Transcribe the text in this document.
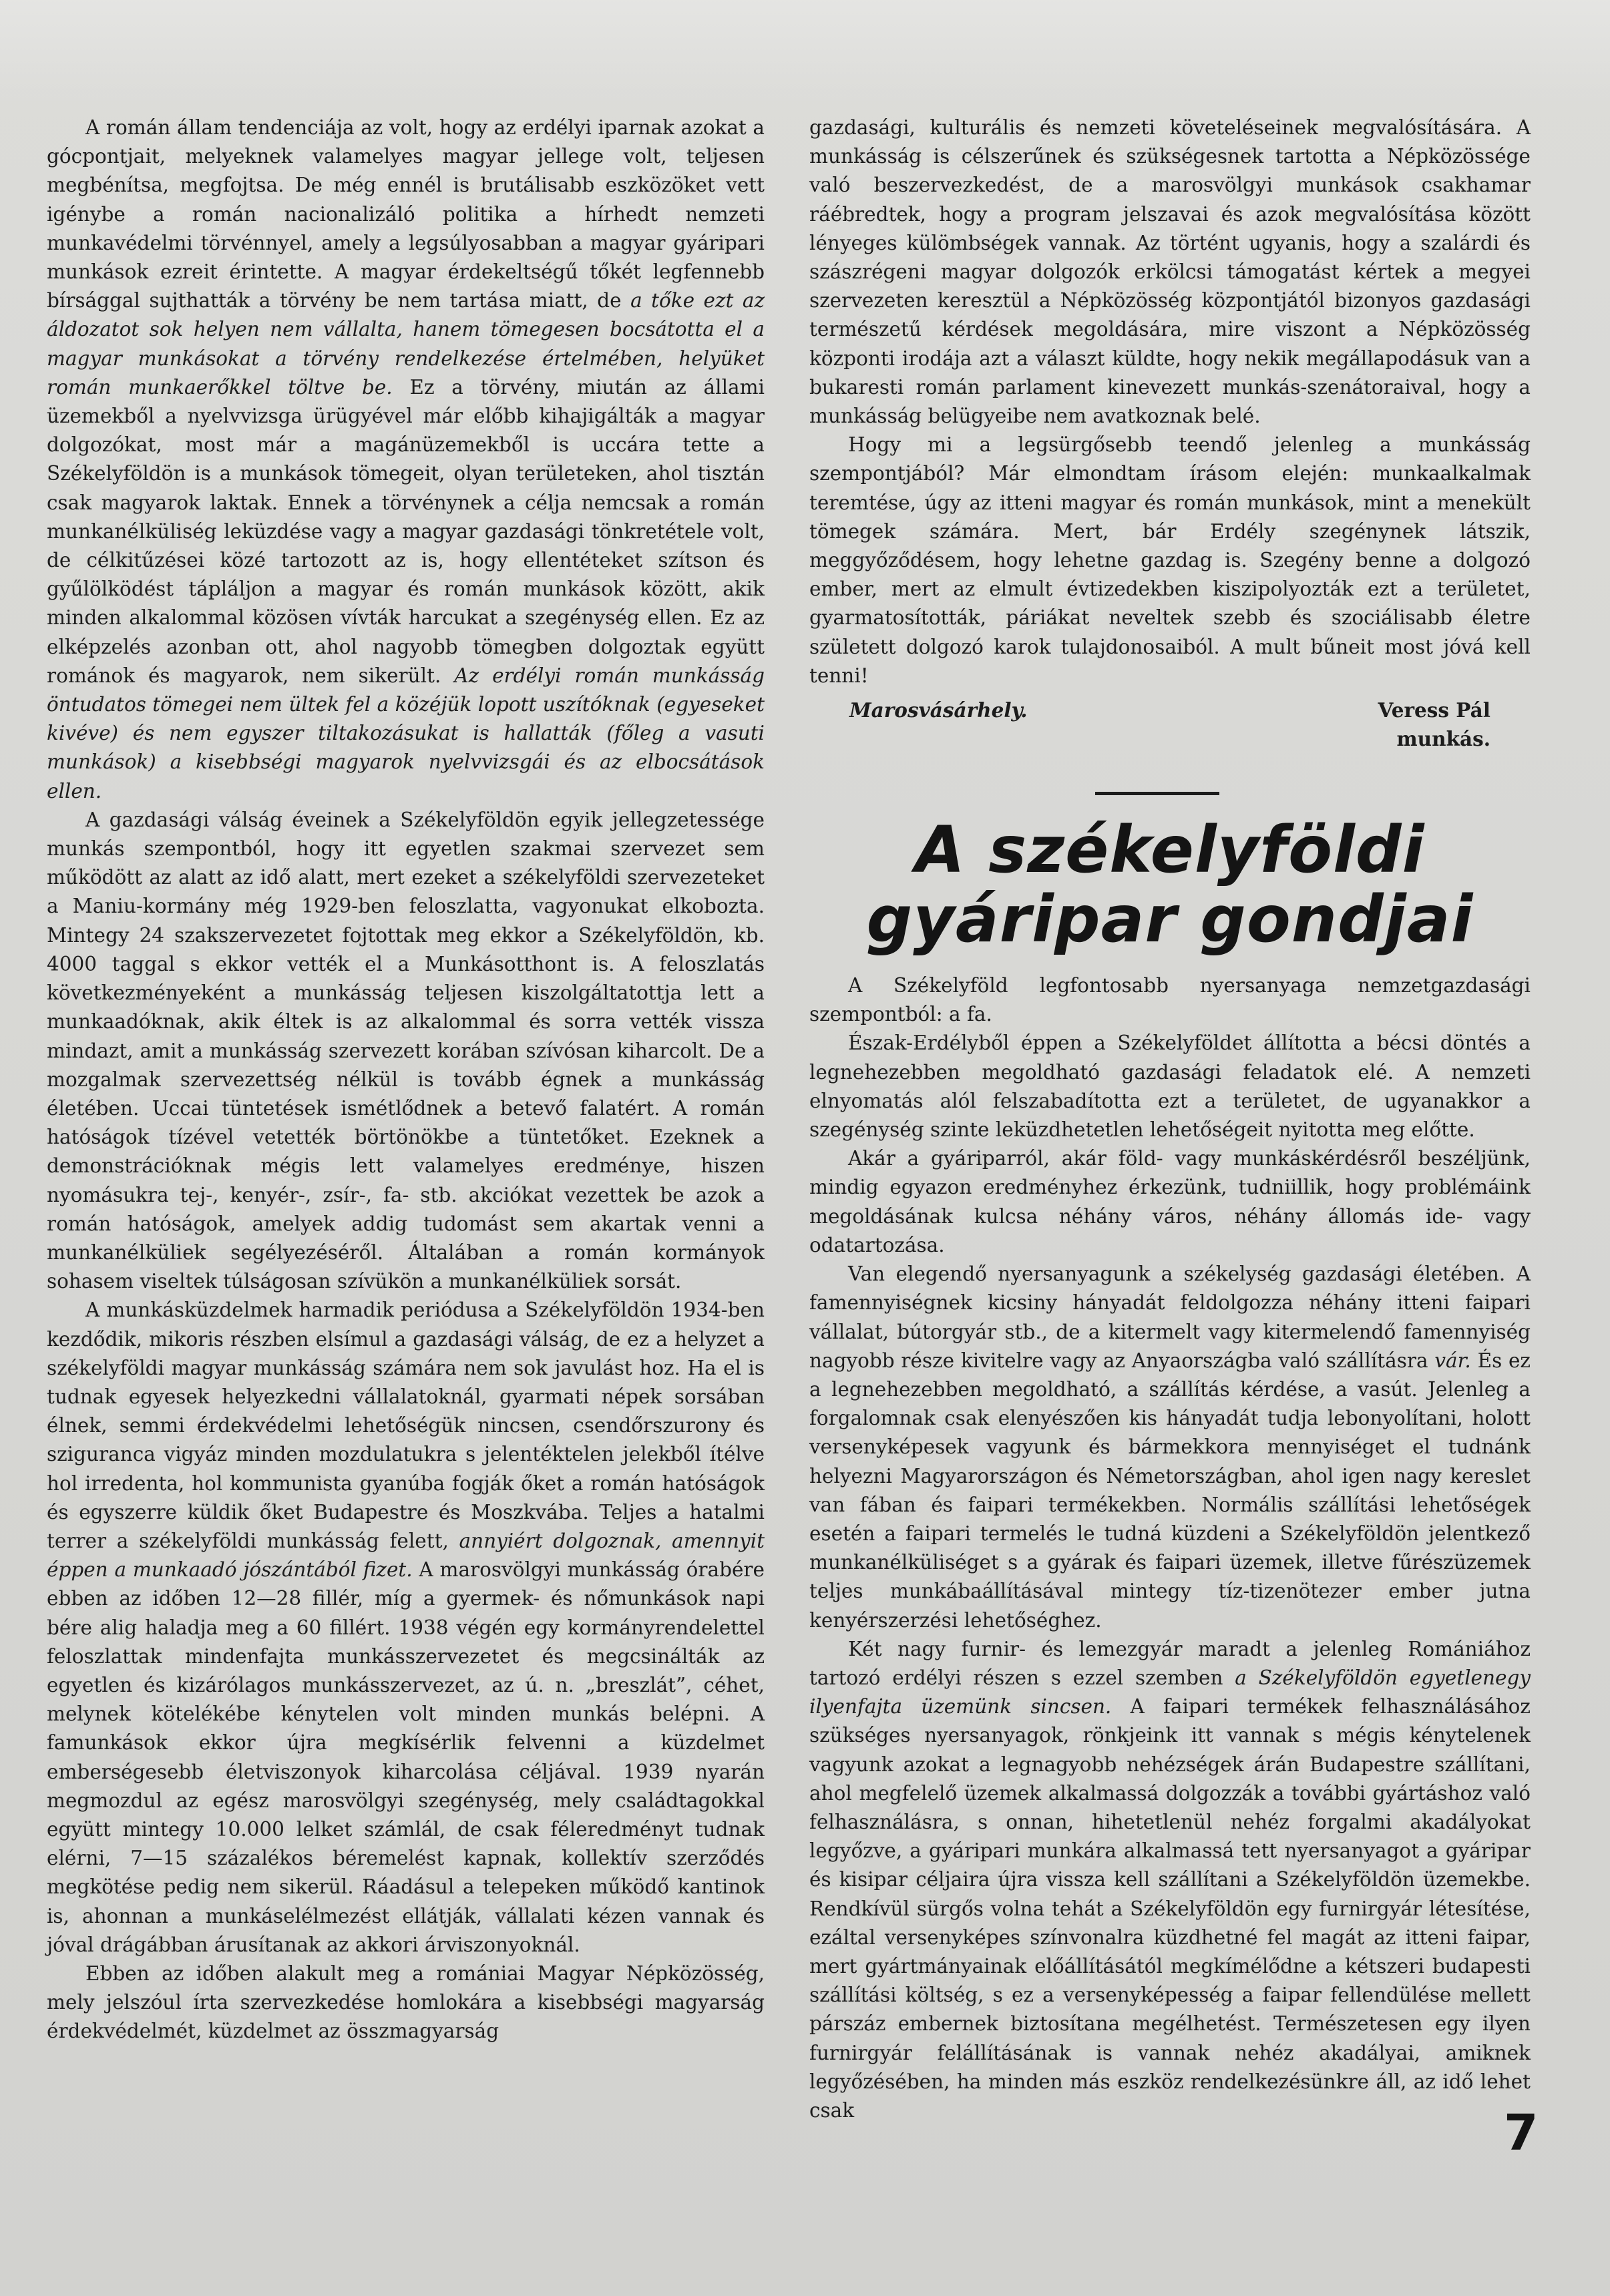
A román állam tendenciája az volt, hogy az erdélyi iparnak azokat a gócpontjait, melyeknek valamelyes magyar jellege volt, teljesen megbénítsa, megfojtsa. De még ennél is brutálisabb eszközöket vett igénybe a román nacionalizáló politika a hírhedt nemzeti munkavédelmi törvénnyel, amely a legsúlyosabban a magyar gyáripari munkások ezreit érintette. A magyar érdekeltségű tőkét legfennebb bírsággal sujthatták a törvény be nem tartása miatt, de a tőke ezt az áldozatot sok helyen nem vállalta, hanem tömegesen bocsátotta el a magyar munkásokat a törvény rendelkezése értelmében, helyüket román munkaerőkkel töltve be. Ez a törvény, miután az állami üzemekből a nyelvvizsga ürügyével már előbb kihajigálták a magyar dolgozókat, most már a magánüzemekből is uccára tette a Székelyföldön is a munkások tömegeit, olyan területeken, ahol tisztán csak magyarok laktak. Ennek a törvénynek a célja nemcsak a román munkanélküliség leküzdése vagy a magyar gazdasági tönkretétele volt, de célkitűzései közé tartozott az is, hogy ellentéteket szítson és gyűlölködést tápláljon a magyar és román munkások között, akik minden alkalommal közösen vívták harcukat a szegénység ellen. Ez az elképzelés azonban ott, ahol nagyobb tömegben dolgoztak együtt románok és magyarok, nem sikerült. Az erdélyi román munkásság öntudatos tömegei nem ültek fel a közéjük lopott uszítóknak (egyeseket kivéve) és nem egyszer tiltakozásukat is hallatták (főleg a vasuti munkások) a kisebbségi magyarok nyelvvizsgái és az elbocsátások ellen.

A gazdasági válság éveinek a Székelyföldön egyik jellegzetessége munkás szempontból, hogy itt egyetlen szakmai szervezet sem működött az alatt az idő alatt, mert ezeket a székelyföldi szervezeteket a Maniu-kormány még 1929-ben feloszlatta, vagyonukat elkobozta. Mintegy 24 szakszervezetet fojtottak meg ekkor a Székelyföldön, kb. 4000 taggal s ekkor vették el a Munkásotthont is. A feloszlatás következményeként a munkásság teljesen kiszolgáltatottja lett a munkaadóknak, akik éltek is az alkalommal és sorra vették vissza mindazt, amit a munkásság szervezett korában szívósan kiharcolt. De a mozgalmak szervezettség nélkül is tovább égnek a munkásság életében. Uccai tüntetések ismétlődnek a betevő falatért. A román hatóságok tízével vetették börtönökbe a tüntetőket. Ezeknek a demonstrációknak mégis lett valamelyes eredménye, hiszen nyomásukra tej-, kenyér-, zsír-, fa- stb. akciókat vezettek be azok a román hatóságok, amelyek addig tudomást sem akartak venni a munkanélküliek segélyezéséről. Általában a román kormányok sohasem viseltek túlságosan szívükön a munkanélküliek sorsát.

A munkásküzdelmek harmadik periódusa a Székelyföldön 1934-ben kezdődik, mikoris részben elsímul a gazdasági válság, de ez a helyzet a székelyföldi magyar munkásság számára nem sok javulást hoz. Ha el is tudnak egyesek helyezkedni vállalatoknál, gyarmati népek sorsában élnek, semmi érdekvédelmi lehetőségük nincsen, csendőrszurony és sziguranca vigyáz minden mozdulatukra s jelentéktelen jelekből ítélve hol irredenta, hol kommunista gyanúba fogják őket a román hatóságok és egyszerre küldik őket Budapestre és Moszkvába. Teljes a hatalmi terrer a székelyföldi munkásság felett, annyiért dolgoznak, amennyit éppen a munkaadó jószántából fizet. A marosvölgyi munkásság órabére ebben az időben 12—28 fillér, míg a gyermek- és nőmunkások napi bére alig haladja meg a 60 fillért. 1938 végén egy kormányrendelettel feloszlattak mindenfajta munkásszervezetet és megcsinálták az egyetlen és kizárólagos munkásszervezet, az ú. n. „breszlát”, céhet, melynek kötelékébe kénytelen volt minden munkás belépni. A famunkások ekkor újra megkísérlik felvenni a küzdelmet emberségesebb életviszonyok kiharcolása céljával. 1939 nyarán megmozdul az egész marosvölgyi szegénység, mely családtagokkal együtt mintegy 10.000 lelket számlál, de csak féleredményt tudnak elérni, 7—15 százalékos béremelést kapnak, kollektív szerződés megkötése pedig nem sikerül. Ráadásul a telepeken működő kantinok is, ahonnan a munkáselélmezést ellátják, vállalati kézen vannak és jóval drágábban árusítanak az akkori árviszonyoknál.

Ebben az időben alakult meg a romániai Magyar Népközösség, mely jelszóul írta szervezkedése homlokára a kisebbségi magyarság érdekvédelmét, küzdelmet az összmagyarság

gazdasági, kulturális és nemzeti követeléseinek megvalósítására. A munkásság is célszerűnek és szükségesnek tartotta a Népközössége való beszervezkedést, de a marosvölgyi munkások csakhamar ráébredtek, hogy a program jelszavai és azok megvalósítása között lényeges külömbségek vannak. Az történt ugyanis, hogy a szalárdi és szászrégeni magyar dolgozók erkölcsi támogatást kértek a megyei szervezeten keresztül a Népközösség központjától bizonyos gazdasági természetű kérdések megoldására, mire viszont a Népközösség központi irodája azt a választ küldte, hogy nekik megállapodásuk van a bukaresti román parlament kinevezett munkás-szenátoraival, hogy a munkásság belügyeibe nem avatkoznak belé.

Hogy mi a legsürgősebb teendő jelenleg a munkásság szempontjából? Már elmondtam írásom elején: munkaalkalmak teremtése, úgy az itteni magyar és román munkások, mint a menekült tömegek számára. Mert, bár Erdély szegénynek látszik, meggyőződésem, hogy lehetne gazdag is. Szegény benne a dolgozó ember, mert az elmult évtizedekben kiszipolyozták ezt a területet, gyarmatosították, páriákat neveltek szebb és szociálisabb életre született dolgozó karok tulajdonosaiból. A mult bűneit most jóvá kell tenni!

Marosvásárhely.	Veress Pál
munkás.
A székelyföldi
gyáripar gondjai

A Székelyföld legfontosabb nyersanyaga nemzetgazdasági szempontból: a fa.

Észak-Erdélyből éppen a Székelyföldet állította a bécsi döntés a legnehezebben megoldható gazdasági feladatok elé. A nemzeti elnyomatás alól felszabadította ezt a területet, de ugyanakkor a szegénység szinte leküzdhetetlen lehetőségeit nyitotta meg előtte.

Akár a gyáriparról, akár föld- vagy munkáskérdésről beszéljünk, mindig egyazon eredményhez érkezünk, tudniillik, hogy problémáink megoldásának kulcsa néhány város, néhány állomás ide- vagy odatartozása.

Van elegendő nyersanyagunk a székelység gazdasági életében. A famennyiségnek kicsiny hányadát feldolgozza néhány itteni faipari vállalat, bútorgyár stb., de a kitermelt vagy kitermelendő famennyiség nagyobb része kivitelre vagy az Anyaországba való szállításra vár. És ez a legnehezebben megoldható, a szállítás kérdése, a vasút. Jelenleg a forgalomnak csak elenyészően kis hányadát tudja lebonyolítani, holott versenyképesek vagyunk és bármekkora mennyiséget el tudnánk helyezni Magyarországon és Németországban, ahol igen nagy kereslet van fában és faipari termékekben. Normális szállítási lehetőségek esetén a faipari termelés le tudná küzdeni a Székelyföldön jelentkező munkanélküliséget s a gyárak és faipari üzemek, illetve fűrészüzemek teljes munkábaállításával mintegy tíz-tizenötezer ember jutna kenyérszerzési lehetőséghez.

Két nagy furnir- és lemezgyár maradt a jelenleg Romániához tartozó erdélyi részen s ezzel szemben a Székelyföldön egyetlenegy ilyenfajta üzemünk sincsen. A faipari termékek felhasználásához szükséges nyersanyagok, rönkjeink itt vannak s mégis kénytelenek vagyunk azokat a legnagyobb nehézségek árán Budapestre szállítani, ahol megfelelő üzemek alkalmassá dolgozzák a további gyártáshoz való felhasználásra, s onnan, hihetetlenül nehéz forgalmi akadályokat legyőzve, a gyáripari munkára alkalmassá tett nyersanyagot a gyáripar és kisipar céljaira újra vissza kell szállítani a Székelyföldön üzemekbe. Rendkívül sürgős volna tehát a Székelyföldön egy furnirgyár létesítése, ezáltal versenyképes színvonalra küzdhetné fel magát az itteni faipar, mert gyártmányainak előállításától megkímélődne a kétszeri budapesti szállítási költség, s ez a versenyképesség a faipar fellendülése mellett párszáz embernek biztosítana megélhetést. Természetesen egy ilyen furnirgyár felállításának is vannak nehéz akadályai, amiknek legyőzésében, ha minden más eszköz rendelkezésünkre áll, az idő lehet csak	7
